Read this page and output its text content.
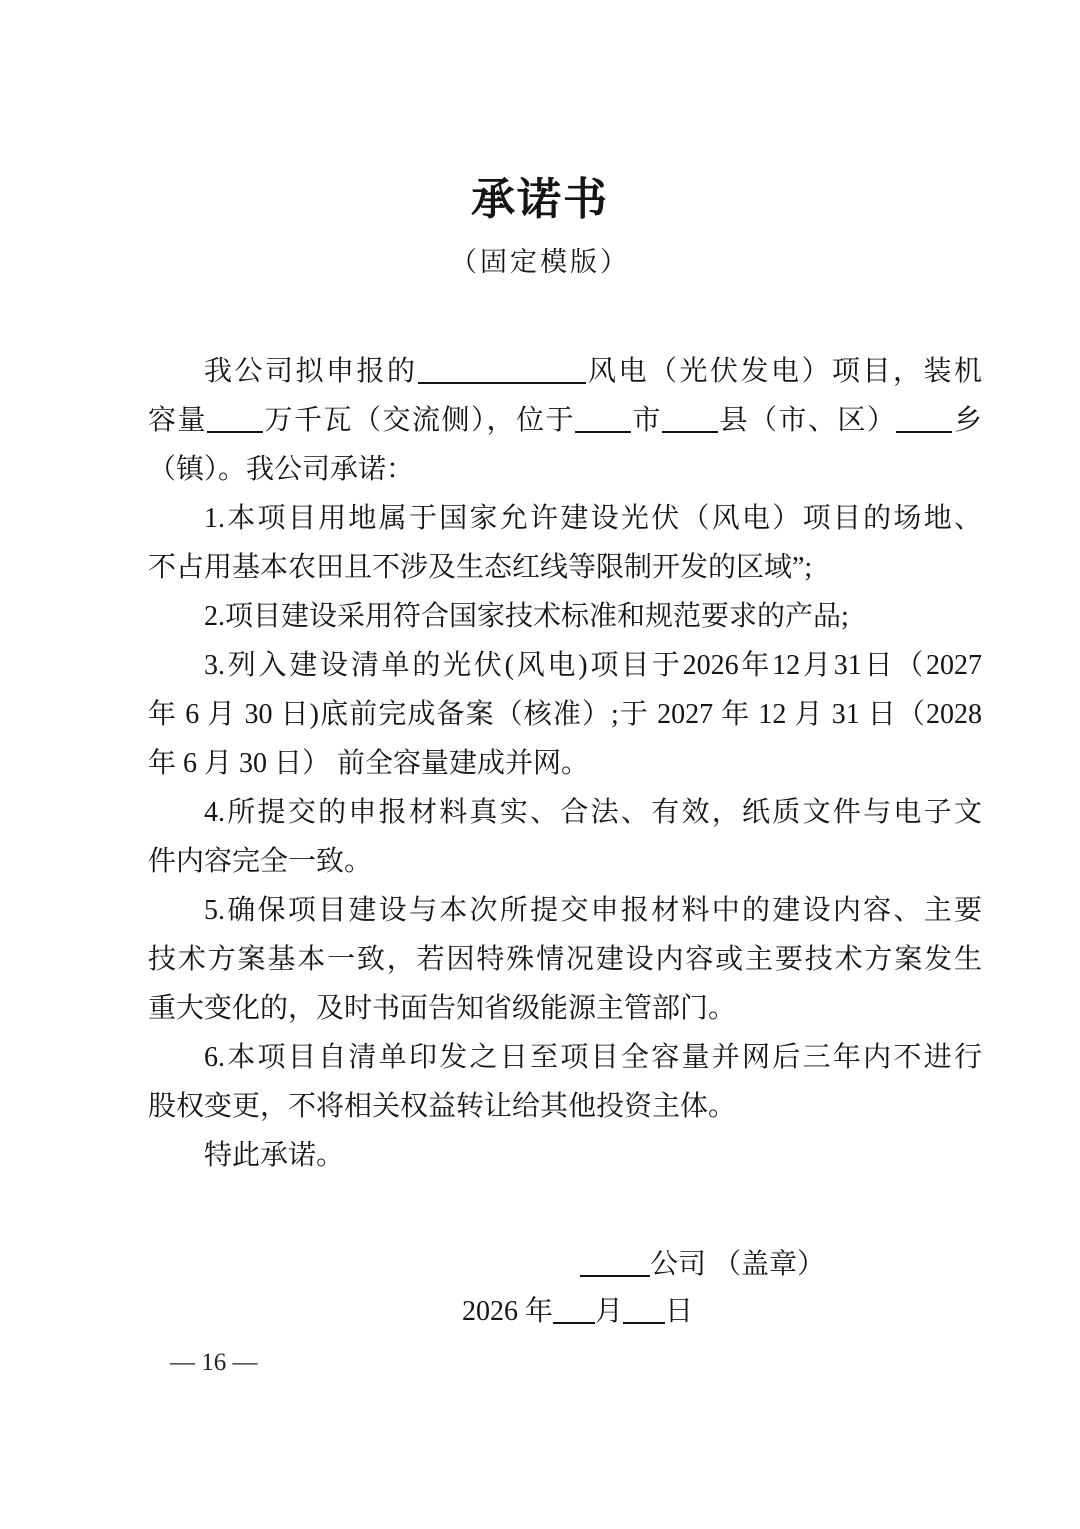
承诺书
（固定模版）
我公司拟申报的	风电（光伏发电）项目，装机
容量 万千瓦（交流侧），位于 市 县（市、区） 乡
（镇）。我公司承诺：
1.本项目用地属于国家允许建设光伏（风电）项目的场地、
不占用基本农田且不涉及生态红线等限制开发的区域”;
2.项目建设采用符合国家技术标准和规范要求的产品;
3.列入建设清单的光伏(风电)项目于2026年12月31日（2027
年 6 月 30 日)底前完成备案（核准）;于 2027 年 12 月 31 日（2028
年 6 月 30 日） 前全容量建成并网。
4.所提交的申报材料真实、合法、有效，纸质文件与电子文
件内容完全一致。
5.确保项目建设与本次所提交申报材料中的建设内容、主要
技术方案基本一致，若因特殊情况建设内容或主要技术方案发生
重大变化的，及时书面告知省级能源主管部门。
6.本项目自清单印发之日至项目全容量并网后三年内不进行
股权变更，不将相关权益转让给其他投资主体。
特此承诺。
公司 （盖章）
2026 年 月 日
— 16 —
